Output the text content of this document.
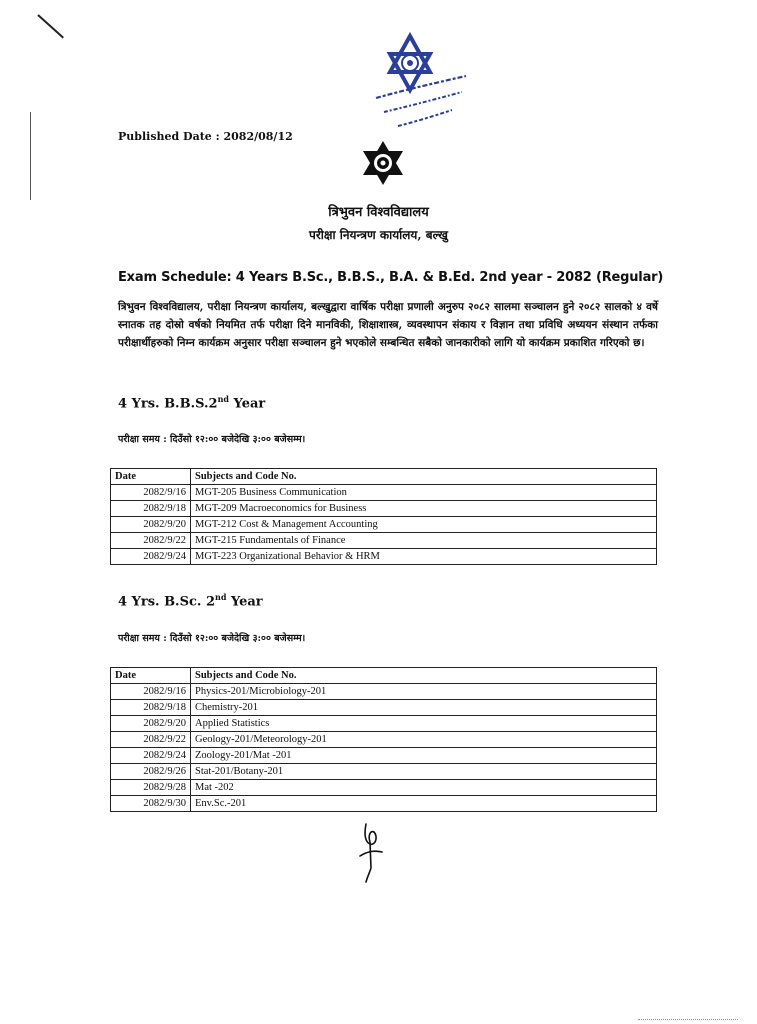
Published Date : 2082/08/12
त्रिभुवन विश्वविद्यालय
परीक्षा नियन्त्रण कार्यालय, बल्खु
Exam Schedule: 4 Years B.Sc., B.B.S., B.A. & B.Ed. 2nd year - 2082 (Regular)
त्रिभुवन विश्वविद्यालय, परीक्षा नियन्त्रण कार्यालय, बल्खुद्वारा वार्षिक परीक्षा प्रणाली अनुरुप २०८२ सालमा सञ्चालन हुने २०८२ सालको ४ वर्षे स्नातक तह दोस्रो वर्षको नियमित तर्फ परीक्षा दिने मानविकी, शिक्षाशास्त्र, व्यवस्थापन संकाय र विज्ञान तथा प्रविधि अध्ययन संस्थान तर्फका परीक्षार्थीहरुको निम्न कार्यक्रम अनुसार परीक्षा सञ्चालन हुने भएकोले सम्बन्धित सबैको जानकारीको लागि यो कार्यक्रम प्रकाशित गरिएको छ।
4 Yrs. B.B.S.2nd Year
परीक्षा समय : दिउँसो १२:०० बजेदेखि ३:०० बजेसम्म।
Date	Subjects and Code No.
2082/9/16	MGT-205 Business Communication
2082/9/18	MGT-209 Macroeconomics for Business
2082/9/20	MGT-212 Cost & Management Accounting
2082/9/22	MGT-215 Fundamentals of Finance
2082/9/24	MGT-223 Organizational Behavior & HRM
4 Yrs. B.Sc. 2nd Year
परीक्षा समय : दिउँसो १२:०० बजेदेखि ३:०० बजेसम्म।
Date	Subjects and Code No.
2082/9/16	Physics-201/Microbiology-201
2082/9/18	Chemistry-201
2082/9/20	Applied Statistics
2082/9/22	Geology-201/Meteorology-201
2082/9/24	Zoology-201/Mat -201
2082/9/26	Stat-201/Botany-201
2082/9/28	Mat -202
2082/9/30	Env.Sc.-201
